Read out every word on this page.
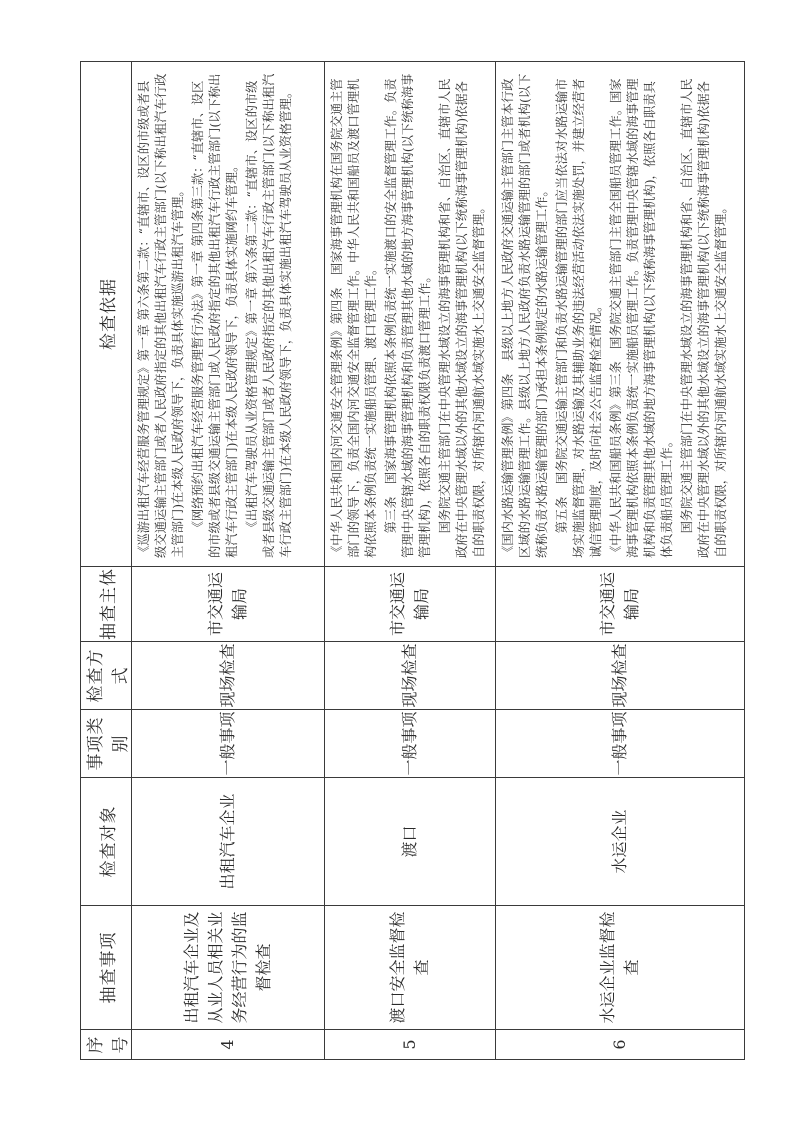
序号	抽查事项	检查对象	事项类别	检查方式	抽查主体	检查依据
4	出租汽车企业及从业人员相关业务经营行为的监督检查	出租汽车企业	一般事项	现场检查	市交通运输局	《巡游出租汽车经营服务管理规定》第一章 第六条第二款：“直辖市、设区的市级或者县级交通运输主管部门或者人民政府指定的其他出租汽车行政主管部门(以下称出租汽车行政主管部门)在本级人民政府领导下，负责具体实施巡游出租汽车管理。 《网络预约出租汽车经营服务管理暂行办法》第一章 第四条第三款：“直辖市、设区的市级或者县级交通运输主管部门或人民政府指定的其他出租汽车行政主管部门(以下称出租汽车行政主管部门)在本级人民政府领导下，负责具体实施网约车管理。 《出租汽车驾驶员从业资格管理规定》第一章 第六条第二款：“直辖市、设区的市级或者县级交通运输主管部门或者人民政府指定的其他出租汽车行政主管部门(以下称出租汽车行政主管部门)在本级人民政府领导下，负责具体实施出租汽车驾驶员从业资格管理。

5	渡口安全监督检查	渡口	一般事项	现场检查	市交通运输局	《中华人民共和国内河交通安全管理条例》第四条　国家海事管理机构在国务院交通主管部门的领导下，负责全国内河交通安全监督管理工作。中华人民共和国船员及渡口管理机构依照本条例负责统一实施船员管理、渡口管理工作。 第三条　国家海事管理机构依照本条例负责统一实施渡口的安全监督管理工作。负责管理中央管辖水域的海事管理机构和负责管理其他水域的地方海事管理机构(以下统称海事管理机构)，依照各自的职责权限负责渡口管理工作。 国务院交通主管部门在中央管理水域设立的海事管理机构和省、自治区、直辖市人民政府在中央管理水域以外的其他水域设立的海事管理机构(以下统称海事管理机构)依据各自的职责权限，对所辖内河通航水域实施水上交通安全监督管理。

6	水运企业监督检查	水运企业	一般事项	现场检查	市交通运输局	《国内水路运输管理条例》第四条　县级以上地方人民政府交通运输主管部门主管本行政区域的水路运输管理工作。县级以上地方人民政府负责水路运输管理的部门或者机构(以下统称负责水路运输管理的部门)承担本条例规定的水路运输管理工作。 第五条　国务院交通运输主管部门和负责水路运输管理的部门应当依法对水路运输市场实施监督管理，对水路运输及其辅助业务的违法经营活动依法实施处罚，并建立经营者诚信管理制度，及时向社会公告监督检查情况。 《中华人民共和国船员条例》第三条　国务院交通主管部门主管全国船员管理工作。国家海事管理机构依照本条例负责统一实施船员管理工作。负责管理中央管辖水域的海事管理机构和负责管理其他水域的地方海事管理机构(以下统称海事管理机构)，依照各自职责具体负责船员管理工作。 国务院交通主管部门在中央管理水域设立的海事管理机构和省、自治区、直辖市人民政府在中央管理水域以外的其他水域设立的海事管理机构(以下统称海事管理机构)依据各自的职责权限，对所辖内河通航水域实施水上交通安全监督管理。
